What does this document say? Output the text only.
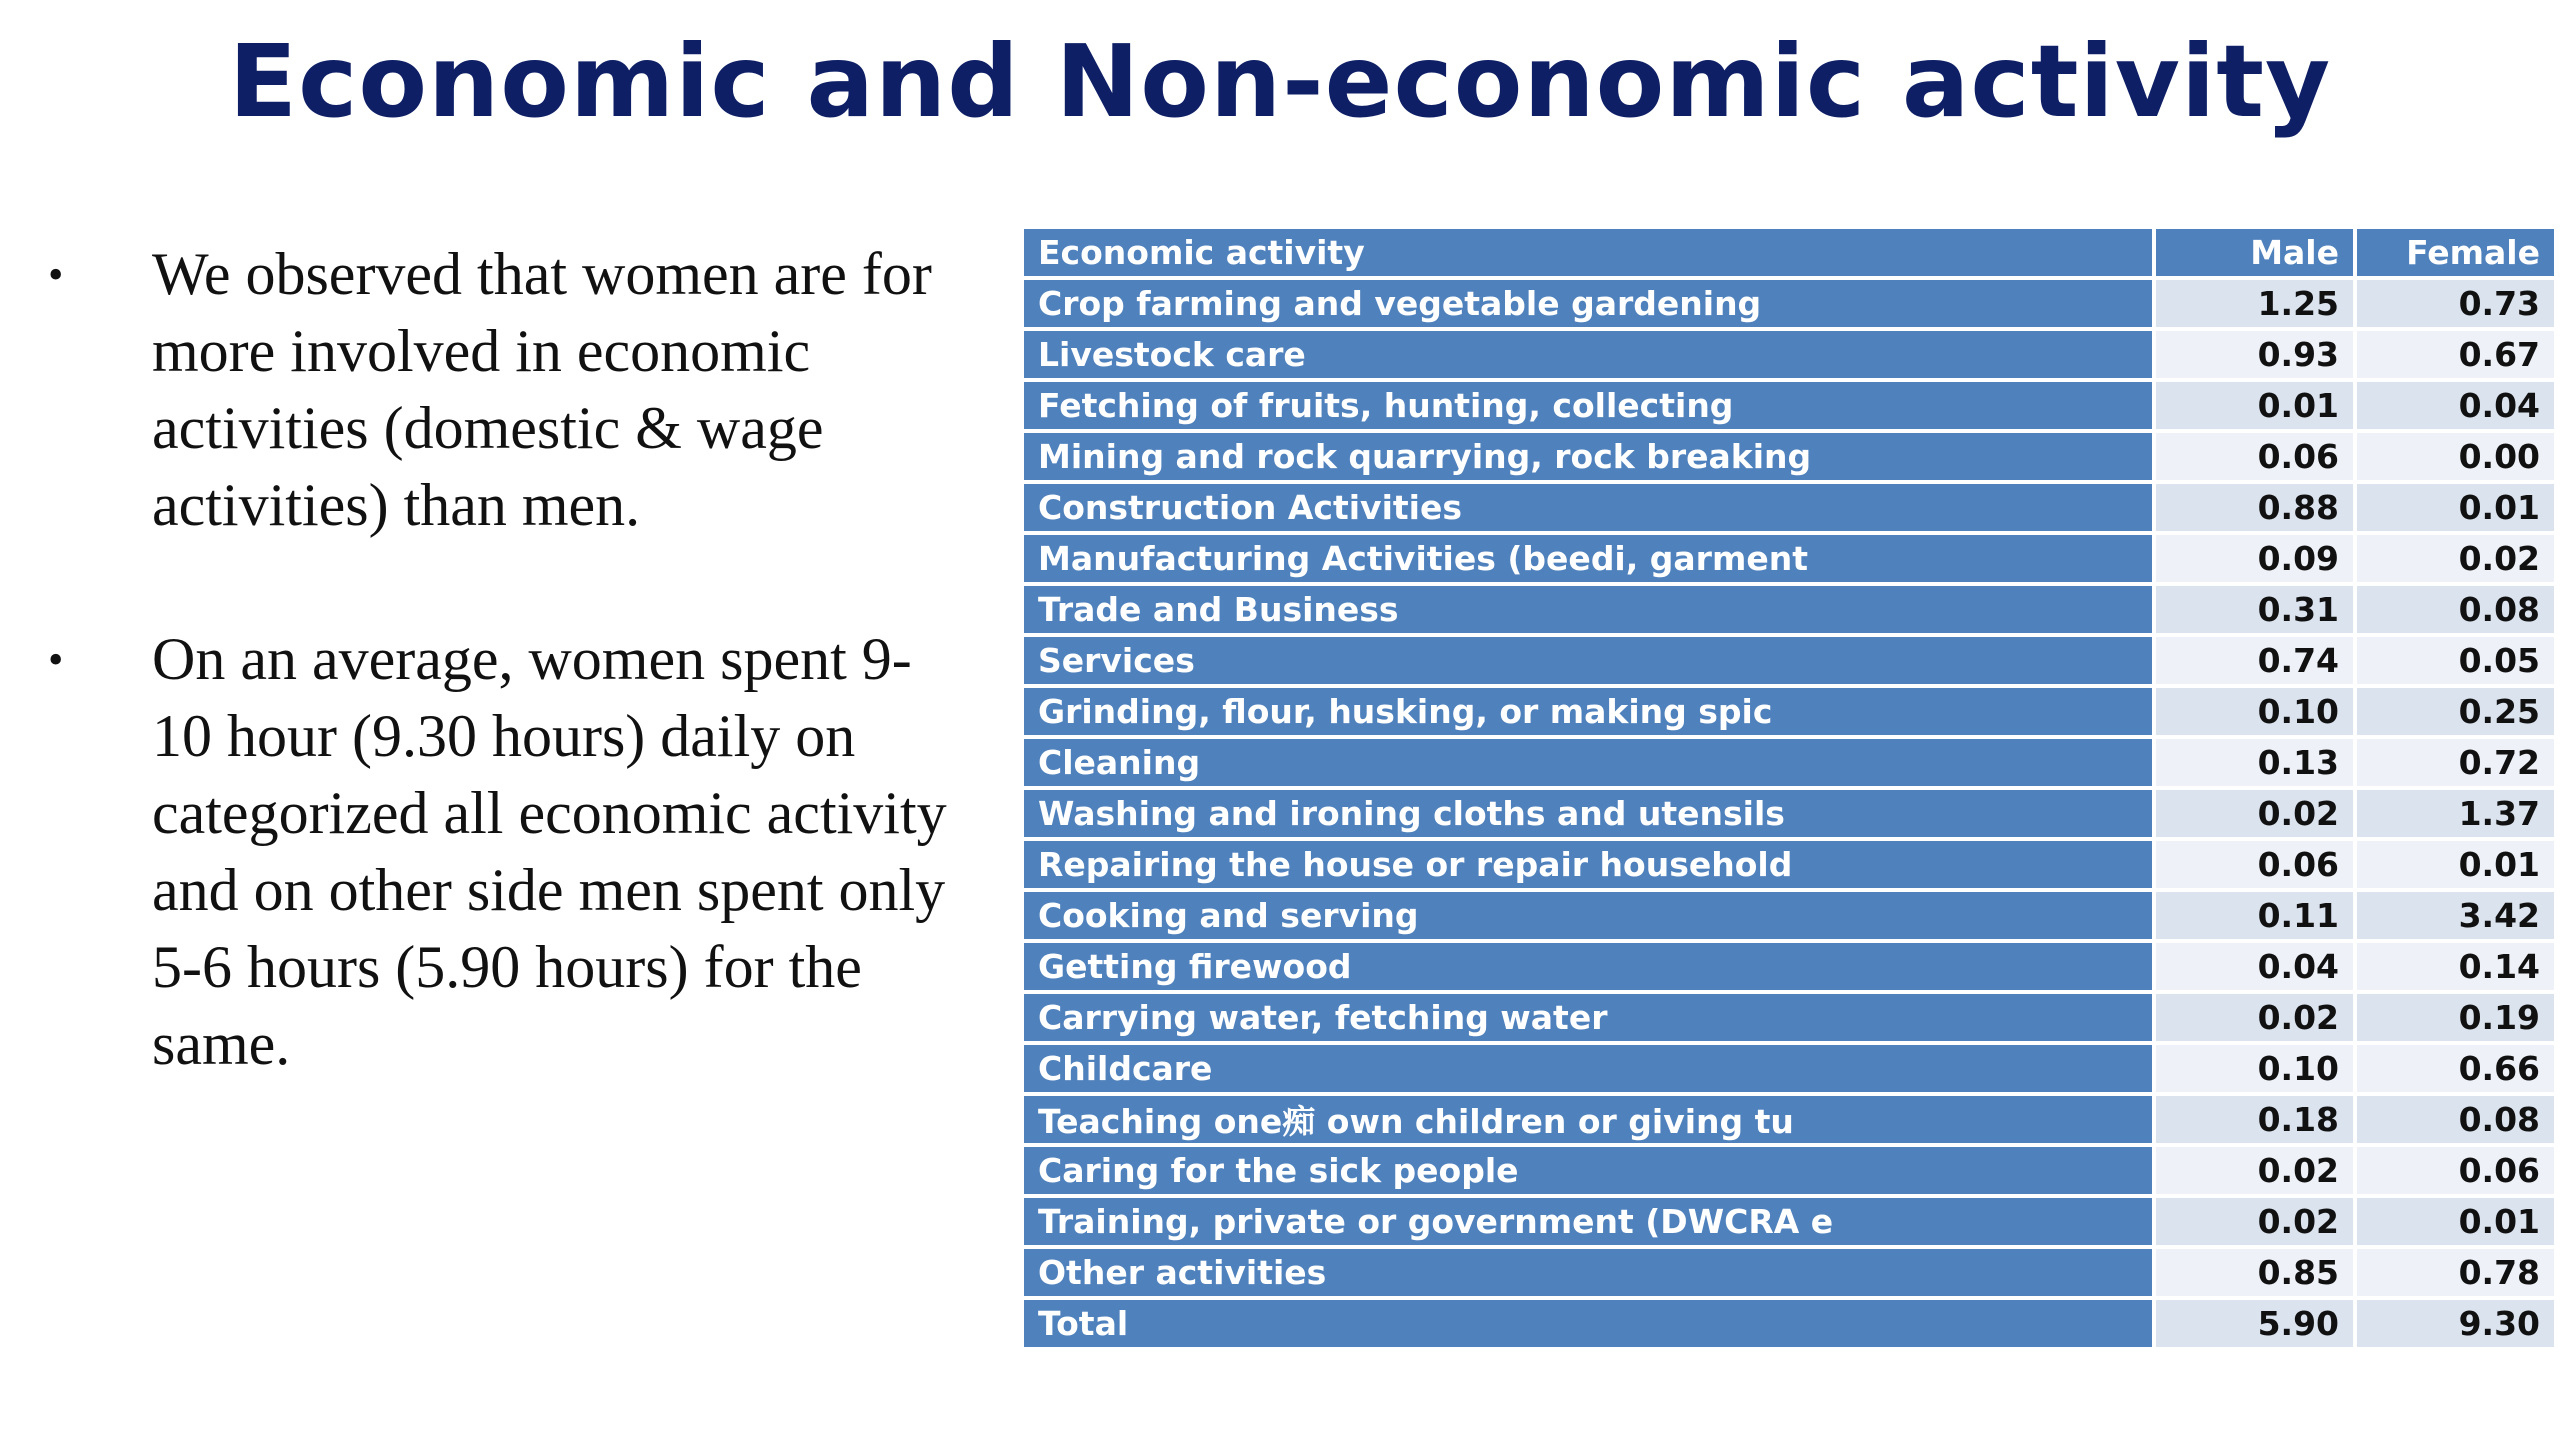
Economic and Non-economic activity
•	We observed that women are for more involved in economic activities (domestic & wage activities) than men.
•	On an average, women spent 9-10 hour (9.30 hours) daily on categorized all economic activity and on other side men spent only 5-6 hours (5.90 hours) for the same.
Economic activity	Male	Female
Crop farming and vegetable gardening	1.25	0.73
Livestock care	0.93	0.67
Fetching of fruits, hunting, collecting	0.01	0.04
Mining and rock quarrying, rock breaking	0.06	0.00
Construction Activities	0.88	0.01
Manufacturing Activities (beedi, garment	0.09	0.02
Trade and Business	0.31	0.08
Services	0.74	0.05
Grinding, flour, husking, or making spic	0.10	0.25
Cleaning	0.13	0.72
Washing and ironing cloths and utensils	0.02	1.37
Repairing the house or repair household	0.06	0.01
Cooking and serving	0.11	3.42
Getting firewood	0.04	0.14
Carrying water, fetching water	0.02	0.19
Childcare	0.10	0.66
Teaching one痴 own children or giving tu	0.18	0.08
Caring for the sick people	0.02	0.06
Training, private or government (DWCRA e	0.02	0.01
Other activities	0.85	0.78
Total	5.90	9.30
